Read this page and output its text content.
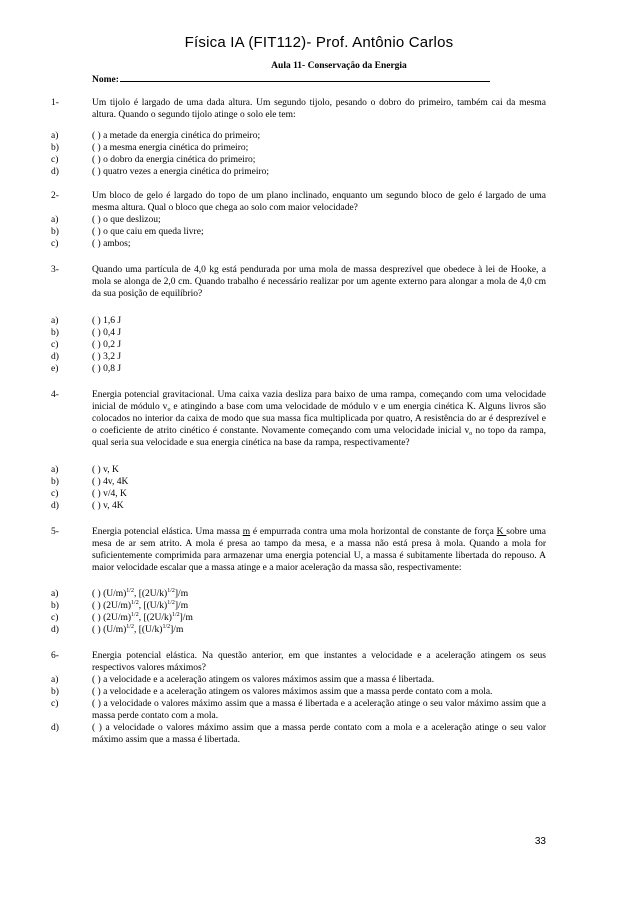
Física IA (FIT112)- Prof. Antônio Carlos
Aula 11- Conservação da Energia
Nome:
1-	Um tijolo é largado de uma dada altura. Um segundo tijolo, pesando o dobro do primeiro, também cai da mesma altura. Quando o segundo tijolo atinge o solo ele tem:
a)	( ) a metade da energia cinética do primeiro;
b)	( ) a mesma energia cinética do primeiro;
c)	( ) o dobro da energia cinética do primeiro;
d)	( ) quatro vezes a energia cinética do primeiro;
2-	Um bloco de gelo é largado do topo de um plano inclinado, enquanto um segundo bloco de gelo é largado de uma mesma altura. Qual o bloco que chega ao solo com maior velocidade?
a)	( ) o que deslizou;
b)	( ) o que caiu em queda livre;
c)	( ) ambos;
3-	Quando uma partícula de 4,0 kg está pendurada por uma mola de massa desprezível que obedece à lei de Hooke, a mola se alonga de 2,0 cm. Quando trabalho é necessário realizar por um agente externo para alongar a mola de 4,0 cm da sua posição de equilíbrio?
a)	( ) 1,6 J
b)	( ) 0,4 J
c)	( ) 0,2 J
d)	( ) 3,2 J
e)	( ) 0,8 J
4-	Energia potencial gravitacional. Uma caixa vazia desliza para baixo de uma rampa, começando com uma velocidade inicial de módulo $v_o$ e atingindo a base com uma velocidade de módulo v e um energia cinética K. Alguns livros são colocados no interior da caixa de modo que sua massa fica multiplicada por quatro, A resistência do ar é desprezível e o coeficiente de atrito cinético é constante. Novamente começando com uma velocidade inicial $v_o$ no topo da rampa, qual seria sua velocidade e sua energia cinética na base da rampa, respectivamente?
a)	( ) v, K
b)	( ) 4v, 4K
c)	( ) v/4, K
d)	( ) v, 4K
5-	Energia potencial elástica. Uma massa m é empurrada contra uma mola horizontal de constante de força K sobre uma mesa de ar sem atrito. A mola é presa ao tampo da mesa, e a massa não está presa à mola. Quando a mola for suficientemente comprimida para armazenar uma energia potencial U, a massa é subitamente libertada do repouso. A maior velocidade escalar que a massa atinge e a maior aceleração da massa são, respectivamente:
a)	( ) $(U/m)^{1/2}$, $[(2U/k)^{1/2}]/m$
b)	( ) $(2U/m)^{1/2}$, $[(U/k)^{1/2}]/m$
c)	( ) $(2U/m)^{1/2}$, $[(2U/k)^{1/2}]/m$
d)	( ) $(U/m)^{1/2}$, $[(U/k)^{1/2}]/m$
6-	Energia potencial elástica. Na questão anterior, em que instantes a velocidade e a aceleração atingem os seus respectivos valores máximos?
a)	( ) a velocidade e a aceleração atingem os valores máximos assim que a massa é libertada.
b)	( ) a velocidade e a aceleração atingem os valores máximos assim que a massa perde contato com a mola.
c)	( ) a velocidade o valores máximo assim que a massa é libertada e a aceleração atinge o seu valor máximo assim que a massa perde contato com a mola.
d)	( ) a velocidade o valores máximo assim que a massa perde contato com a mola e a aceleração atinge o seu valor máximo assim que a massa é libertada.
33
